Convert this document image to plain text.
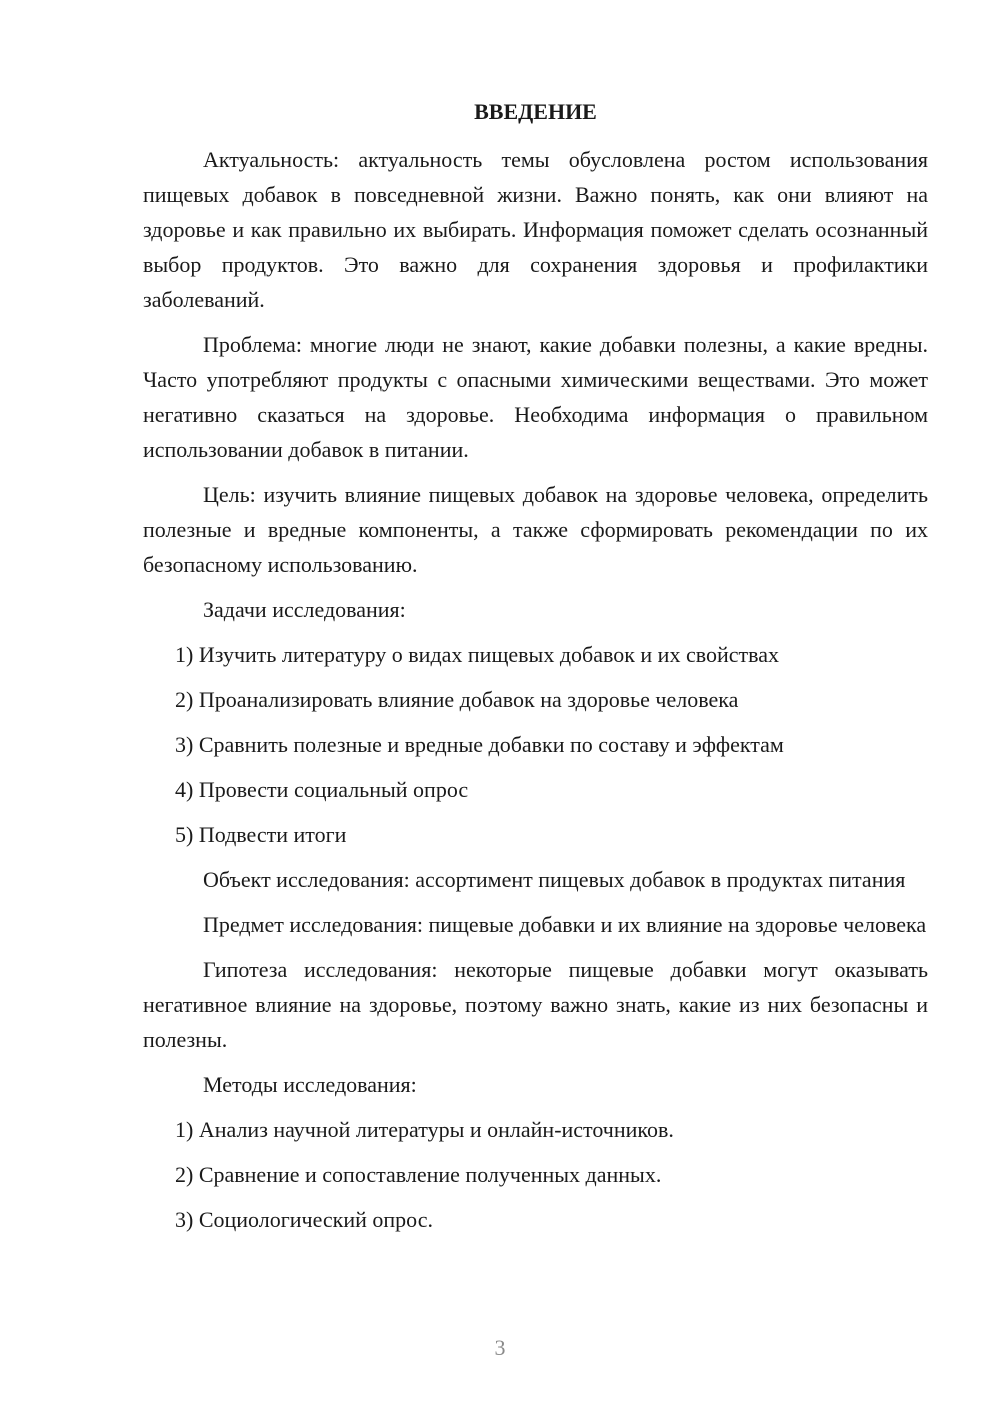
ВВЕДЕНИЕ

Актуальность: актуальность темы обусловлена ростом использования пищевых добавок в повседневной жизни. Важно понять, как они влияют на здоровье и как правильно их выбирать. Информация поможет сделать осознанный выбор продуктов. Это важно для сохранения здоровья и профилактики заболеваний.

Проблема: многие люди не знают, какие добавки полезны, а какие вредны. Часто употребляют продукты с опасными химическими веществами. Это может негативно сказаться на здоровье. Необходима информация о правильном использовании добавок в питании.

Цель: изучить влияние пищевых добавок на здоровье человека, определить полезные и вредные компоненты, а также сформировать рекомендации по их безопасному использованию.

Задачи исследования:

1) Изучить литературу о видах пищевых добавок и их свойствах

2) Проанализировать влияние добавок на здоровье человека

3) Сравнить полезные и вредные добавки по составу и эффектам

4) Провести социальный опрос

5) Подвести итоги

Объект исследования: ассортимент пищевых добавок в продуктах питания

Предмет исследования: пищевые добавки и их влияние на здоровье человека

Гипотеза исследования: некоторые пищевые добавки могут оказывать негативное влияние на здоровье, поэтому важно знать, какие из них безопасны и полезны.

Методы исследования:

1) Анализ научной литературы и онлайн-источников.

2) Сравнение и сопоставление полученных данных.

3) Социологический опрос.

3
